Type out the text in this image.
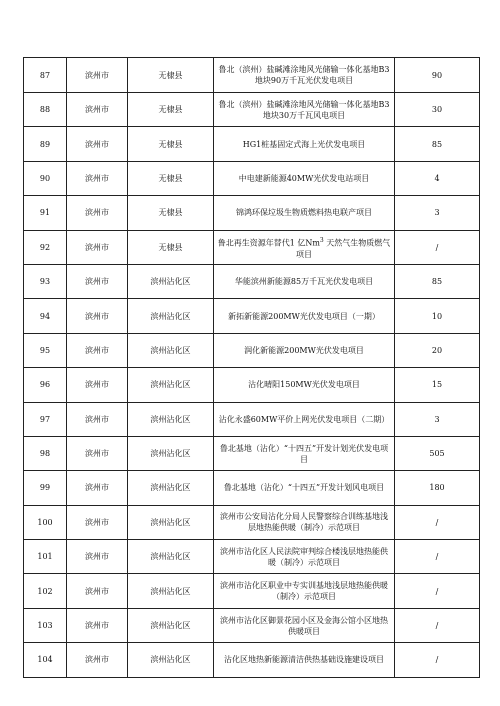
87	滨州市	无棣县	鲁北（滨州）盐碱滩涂地风光储输一体化基地B3地块90万千瓦光伏发电项目	90
88	滨州市	无棣县	鲁北（滨州）盐碱滩涂地风光储输一体化基地B3地块30万千瓦风电项目	30
89	滨州市	无棣县	HG1桩基固定式海上光伏发电项目	85
90	滨州市	无棣县	中电建新能源40MW光伏发电站项目	4
91	滨州市	无棣县	锦鸿环保垃圾生物质燃料热电联产项目	3
92	滨州市	无棣县	鲁北再生资源年替代1 亿Nm$^3$ 天然气生物质燃气项目	/
93	滨州市	滨州沾化区	华能滨州新能源85万千瓦光伏发电项目	85
94	滨州市	滨州沾化区	新拓新能源200MW光伏发电项目（一期）	10
95	滨州市	滨州沾化区	润化新能源200MW光伏发电项目	20
96	滨州市	滨州沾化区	沾化晴阳150MW光伏发电项目	15
97	滨州市	滨州沾化区	沾化永盛60MW平价上网光伏发电项目（二期）	3
98	滨州市	滨州沾化区	鲁北基地（沾化）“十四五”开发计划光伏发电项目	505
99	滨州市	滨州沾化区	鲁北基地（沾化）“十四五”开发计划风电项目	180
100	滨州市	滨州沾化区	滨州市公安局沾化分局人民警察综合训练基地浅层地热能供暖（制冷）示范项目	/
101	滨州市	滨州沾化区	滨州市沾化区人民法院审判综合楼浅层地热能供暖（制冷）示范项目	/
102	滨州市	滨州沾化区	滨州市沾化区职业中专实训基地浅层地热能供暖（制冷）示范项目	/
103	滨州市	滨州沾化区	滨州市沾化区御景花园小区及金海公馆小区地热供暖项目	/
104	滨州市	滨州沾化区	沾化区地热新能源清洁供热基础设施建设项目	/
